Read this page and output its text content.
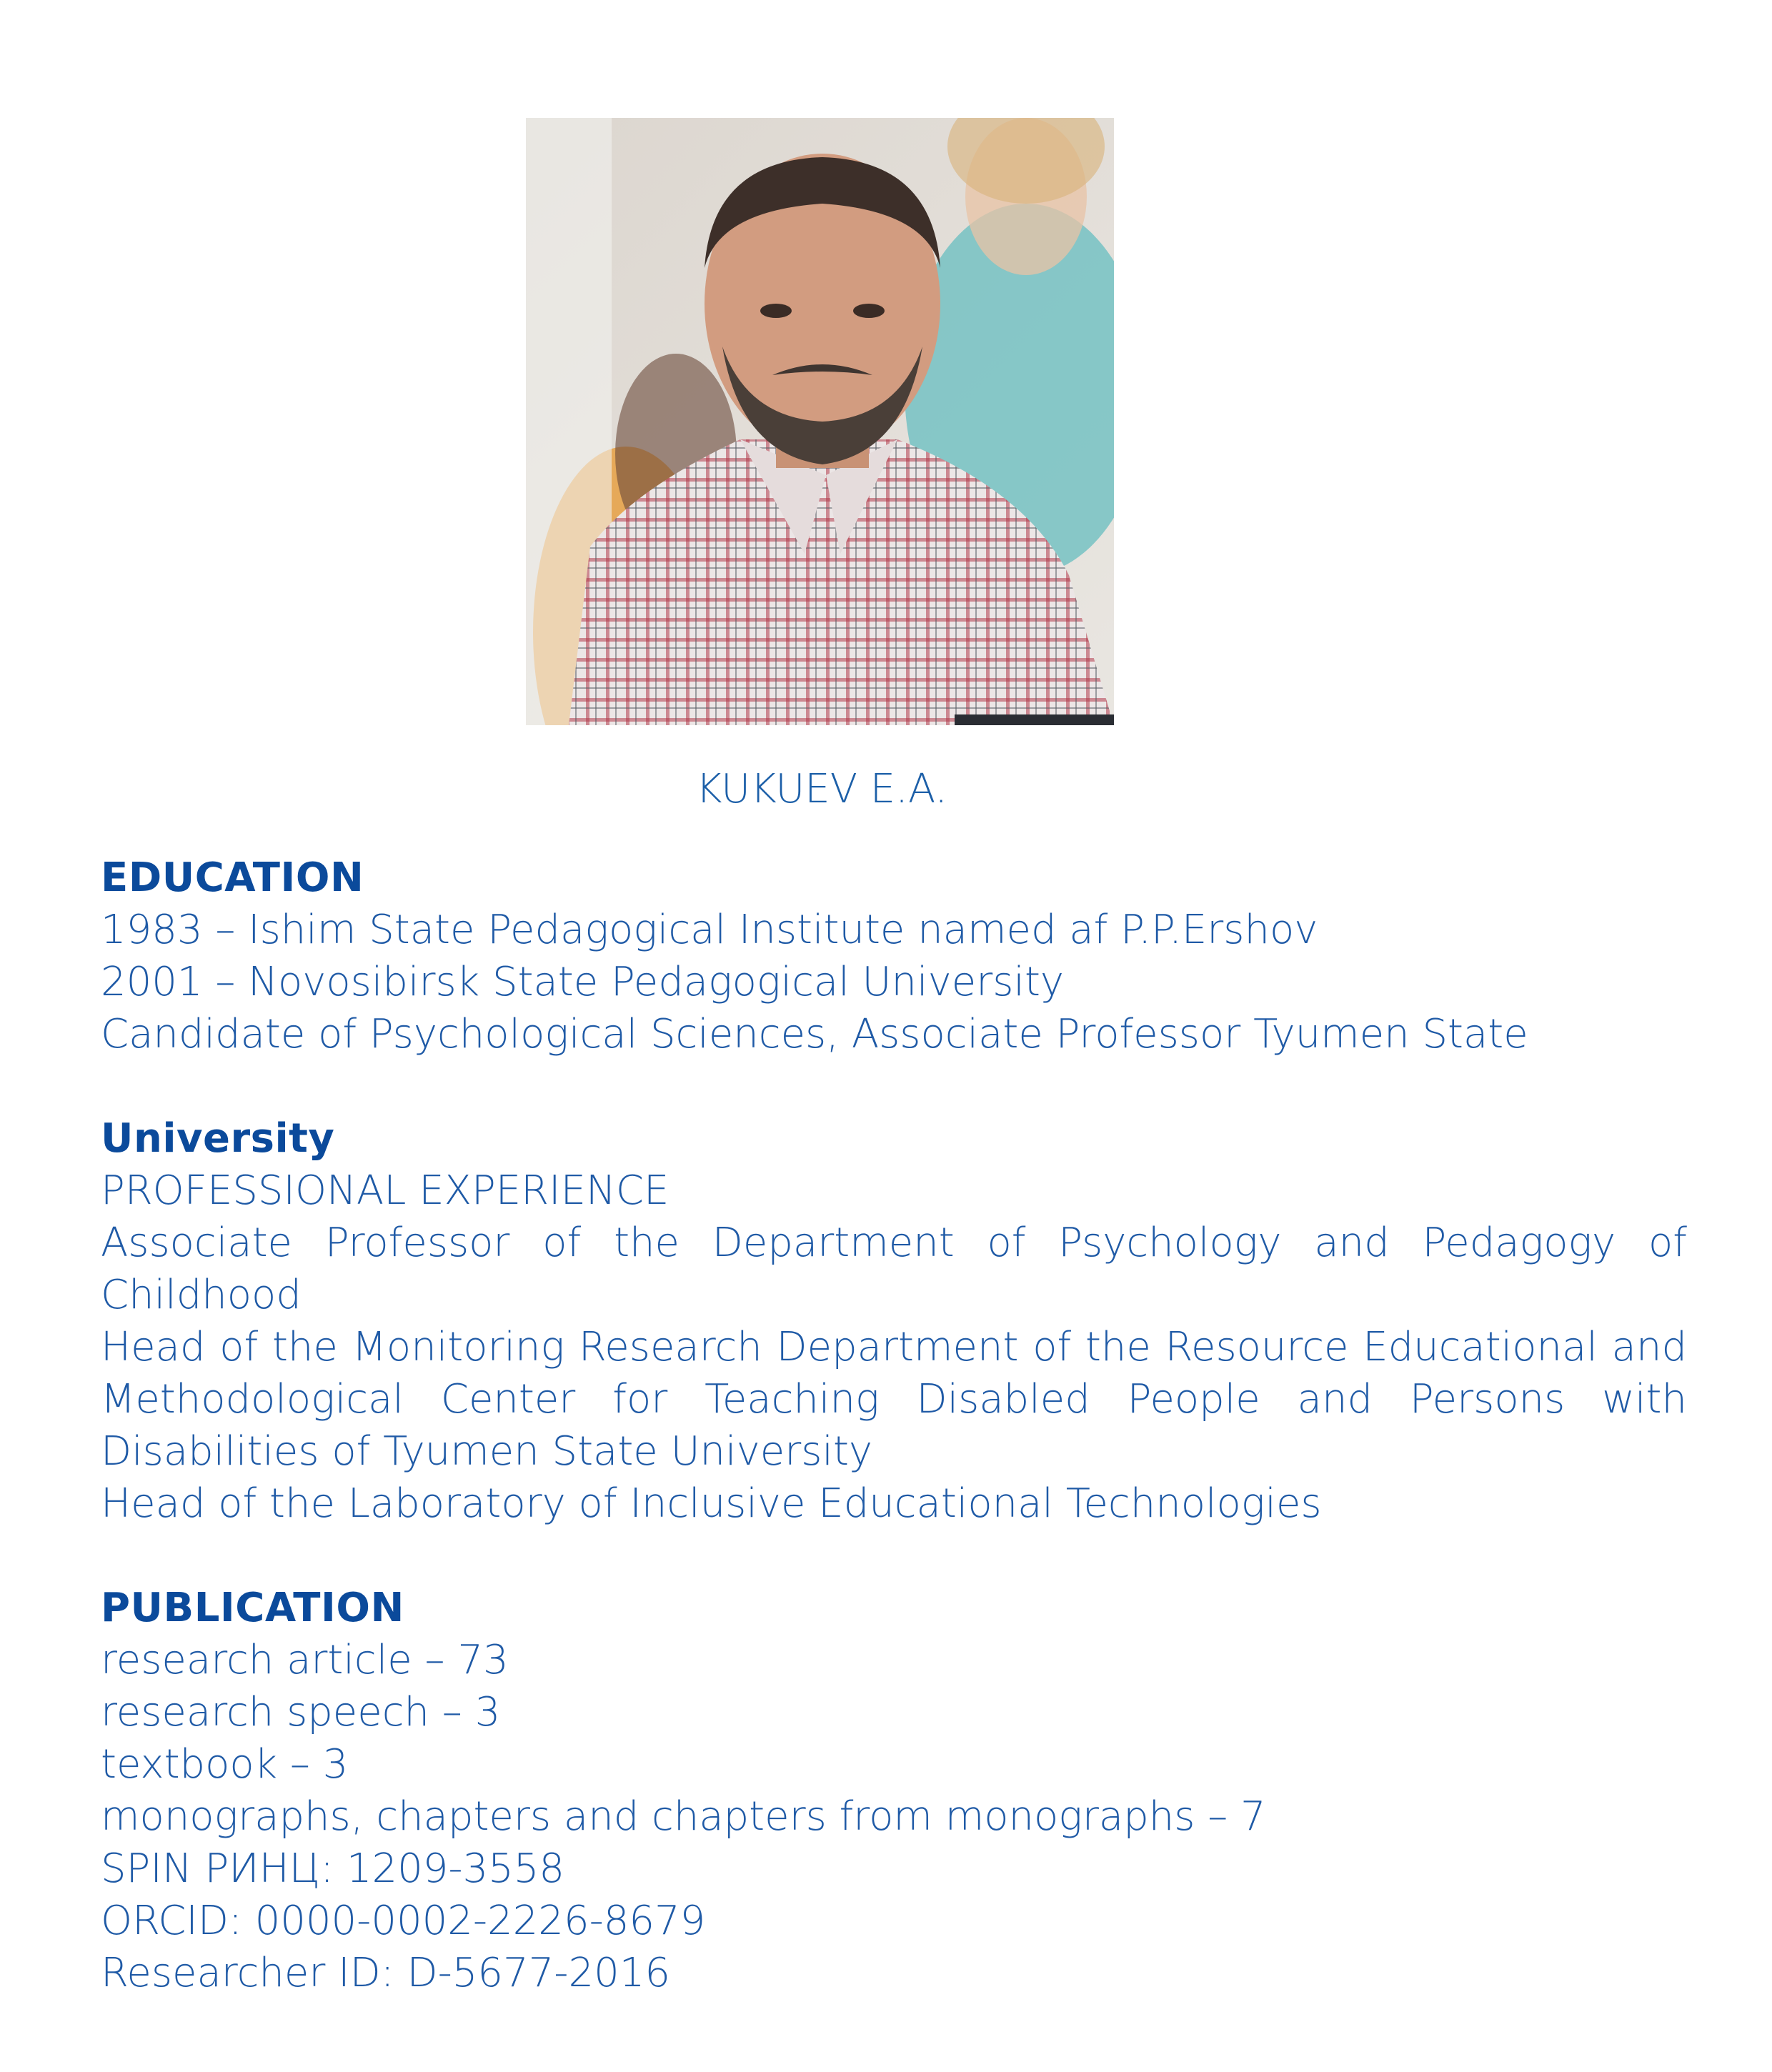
KUKUEV E.A.

EDUCATION

1983 – Ishim State Pedagogical Institute named af P.P.Ershov

2001 – Novosibirsk State Pedagogical University

Candidate of Psychological Sciences, Associate Professor Tyumen State

University

PROFESSIONAL EXPERIENCE

Associate Professor of the Department of Psychology and Pedagogy of Childhood

Head of the Monitoring Research Department of the Resource Educational and Methodological Center for Teaching Disabled People and Persons with Disabilities of Tyumen State University

Head of the Laboratory of Inclusive Educational Technologies

PUBLICATION

research article – 73

research speech – 3

textbook – 3

monographs, chapters and chapters from monographs – 7

SPIN РИНЦ: 1209-3558

ORCID: 0000-0002-2226-8679

Researcher ID: D-5677-2016
